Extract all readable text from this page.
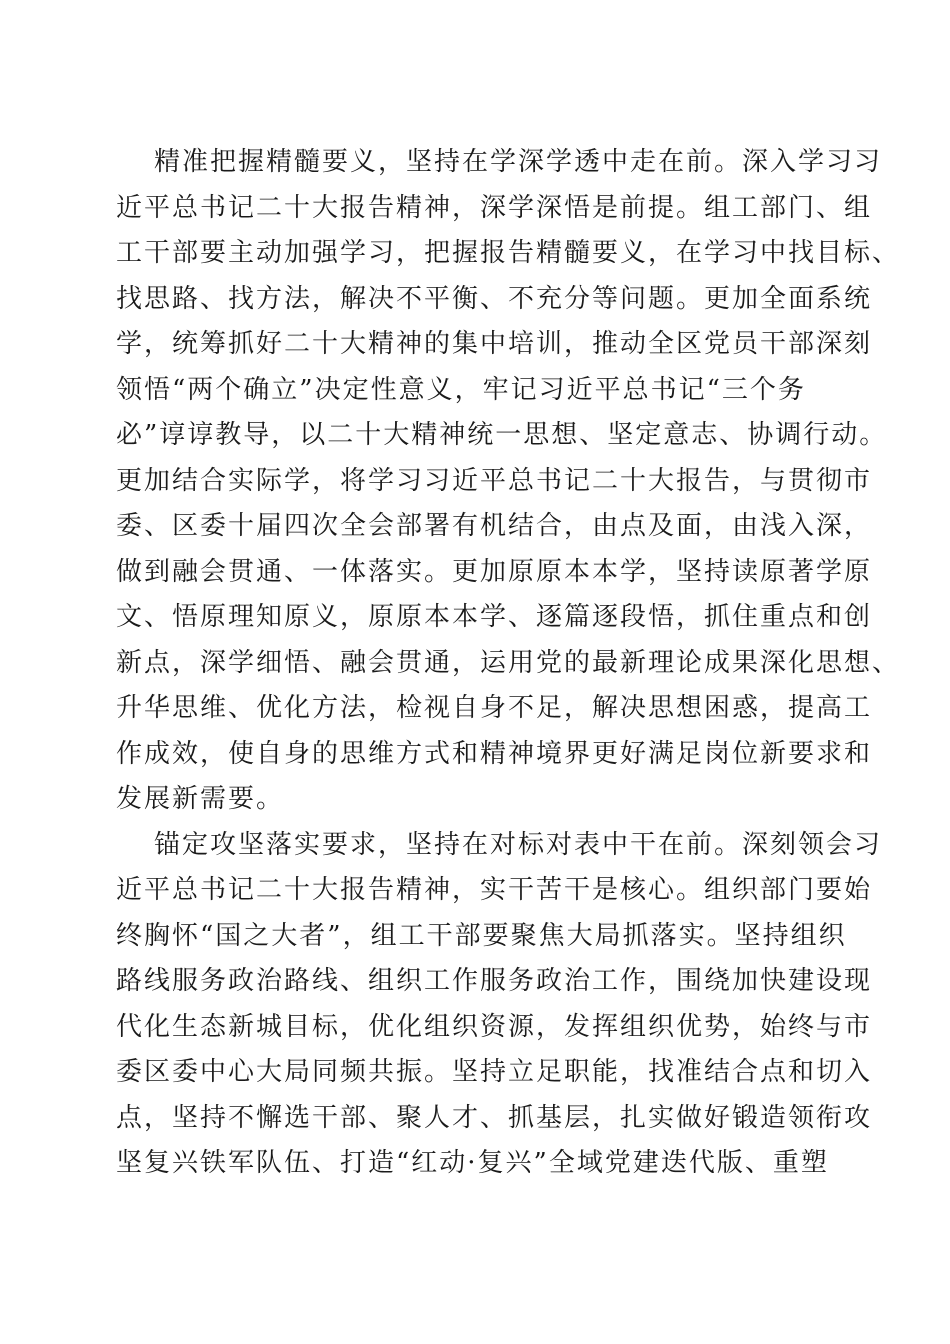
精准把握精髓要义，坚持在学深学透中走在前。深入学习习
近平总书记二十大报告精神，深学深悟是前提。组工部门、组
工干部要主动加强学习，把握报告精髓要义，在学习中找目标、
找思路、找方法，解决不平衡、不充分等问题。更加全面系统
学，统筹抓好二十大精神的集中培训，推动全区党员干部深刻
领悟“两个确立”决定性意义，牢记习近平总书记“三个务
必”谆谆教导，以二十大精神统一思想、坚定意志、协调行动。
更加结合实际学，将学习习近平总书记二十大报告，与贯彻市
委、区委十届四次全会部署有机结合，由点及面，由浅入深，
做到融会贯通、一体落实。更加原原本本学，坚持读原著学原
文、悟原理知原义，原原本本学、逐篇逐段悟，抓住重点和创
新点，深学细悟、融会贯通，运用党的最新理论成果深化思想、
升华思维、优化方法，检视自身不足，解决思想困惑，提高工
作成效，使自身的思维方式和精神境界更好满足岗位新要求和
发展新需要。
锚定攻坚落实要求，坚持在对标对表中干在前。深刻领会习
近平总书记二十大报告精神，实干苦干是核心。组织部门要始
终胸怀“国之大者”，组工干部要聚焦大局抓落实。坚持组织
路线服务政治路线、组织工作服务政治工作，围绕加快建设现
代化生态新城目标，优化组织资源，发挥组织优势，始终与市
委区委中心大局同频共振。坚持立足职能，找准结合点和切入
点，坚持不懈选干部、聚人才、抓基层，扎实做好锻造领衔攻
坚复兴铁军队伍、打造“红动·复兴”全域党建迭代版、重塑
